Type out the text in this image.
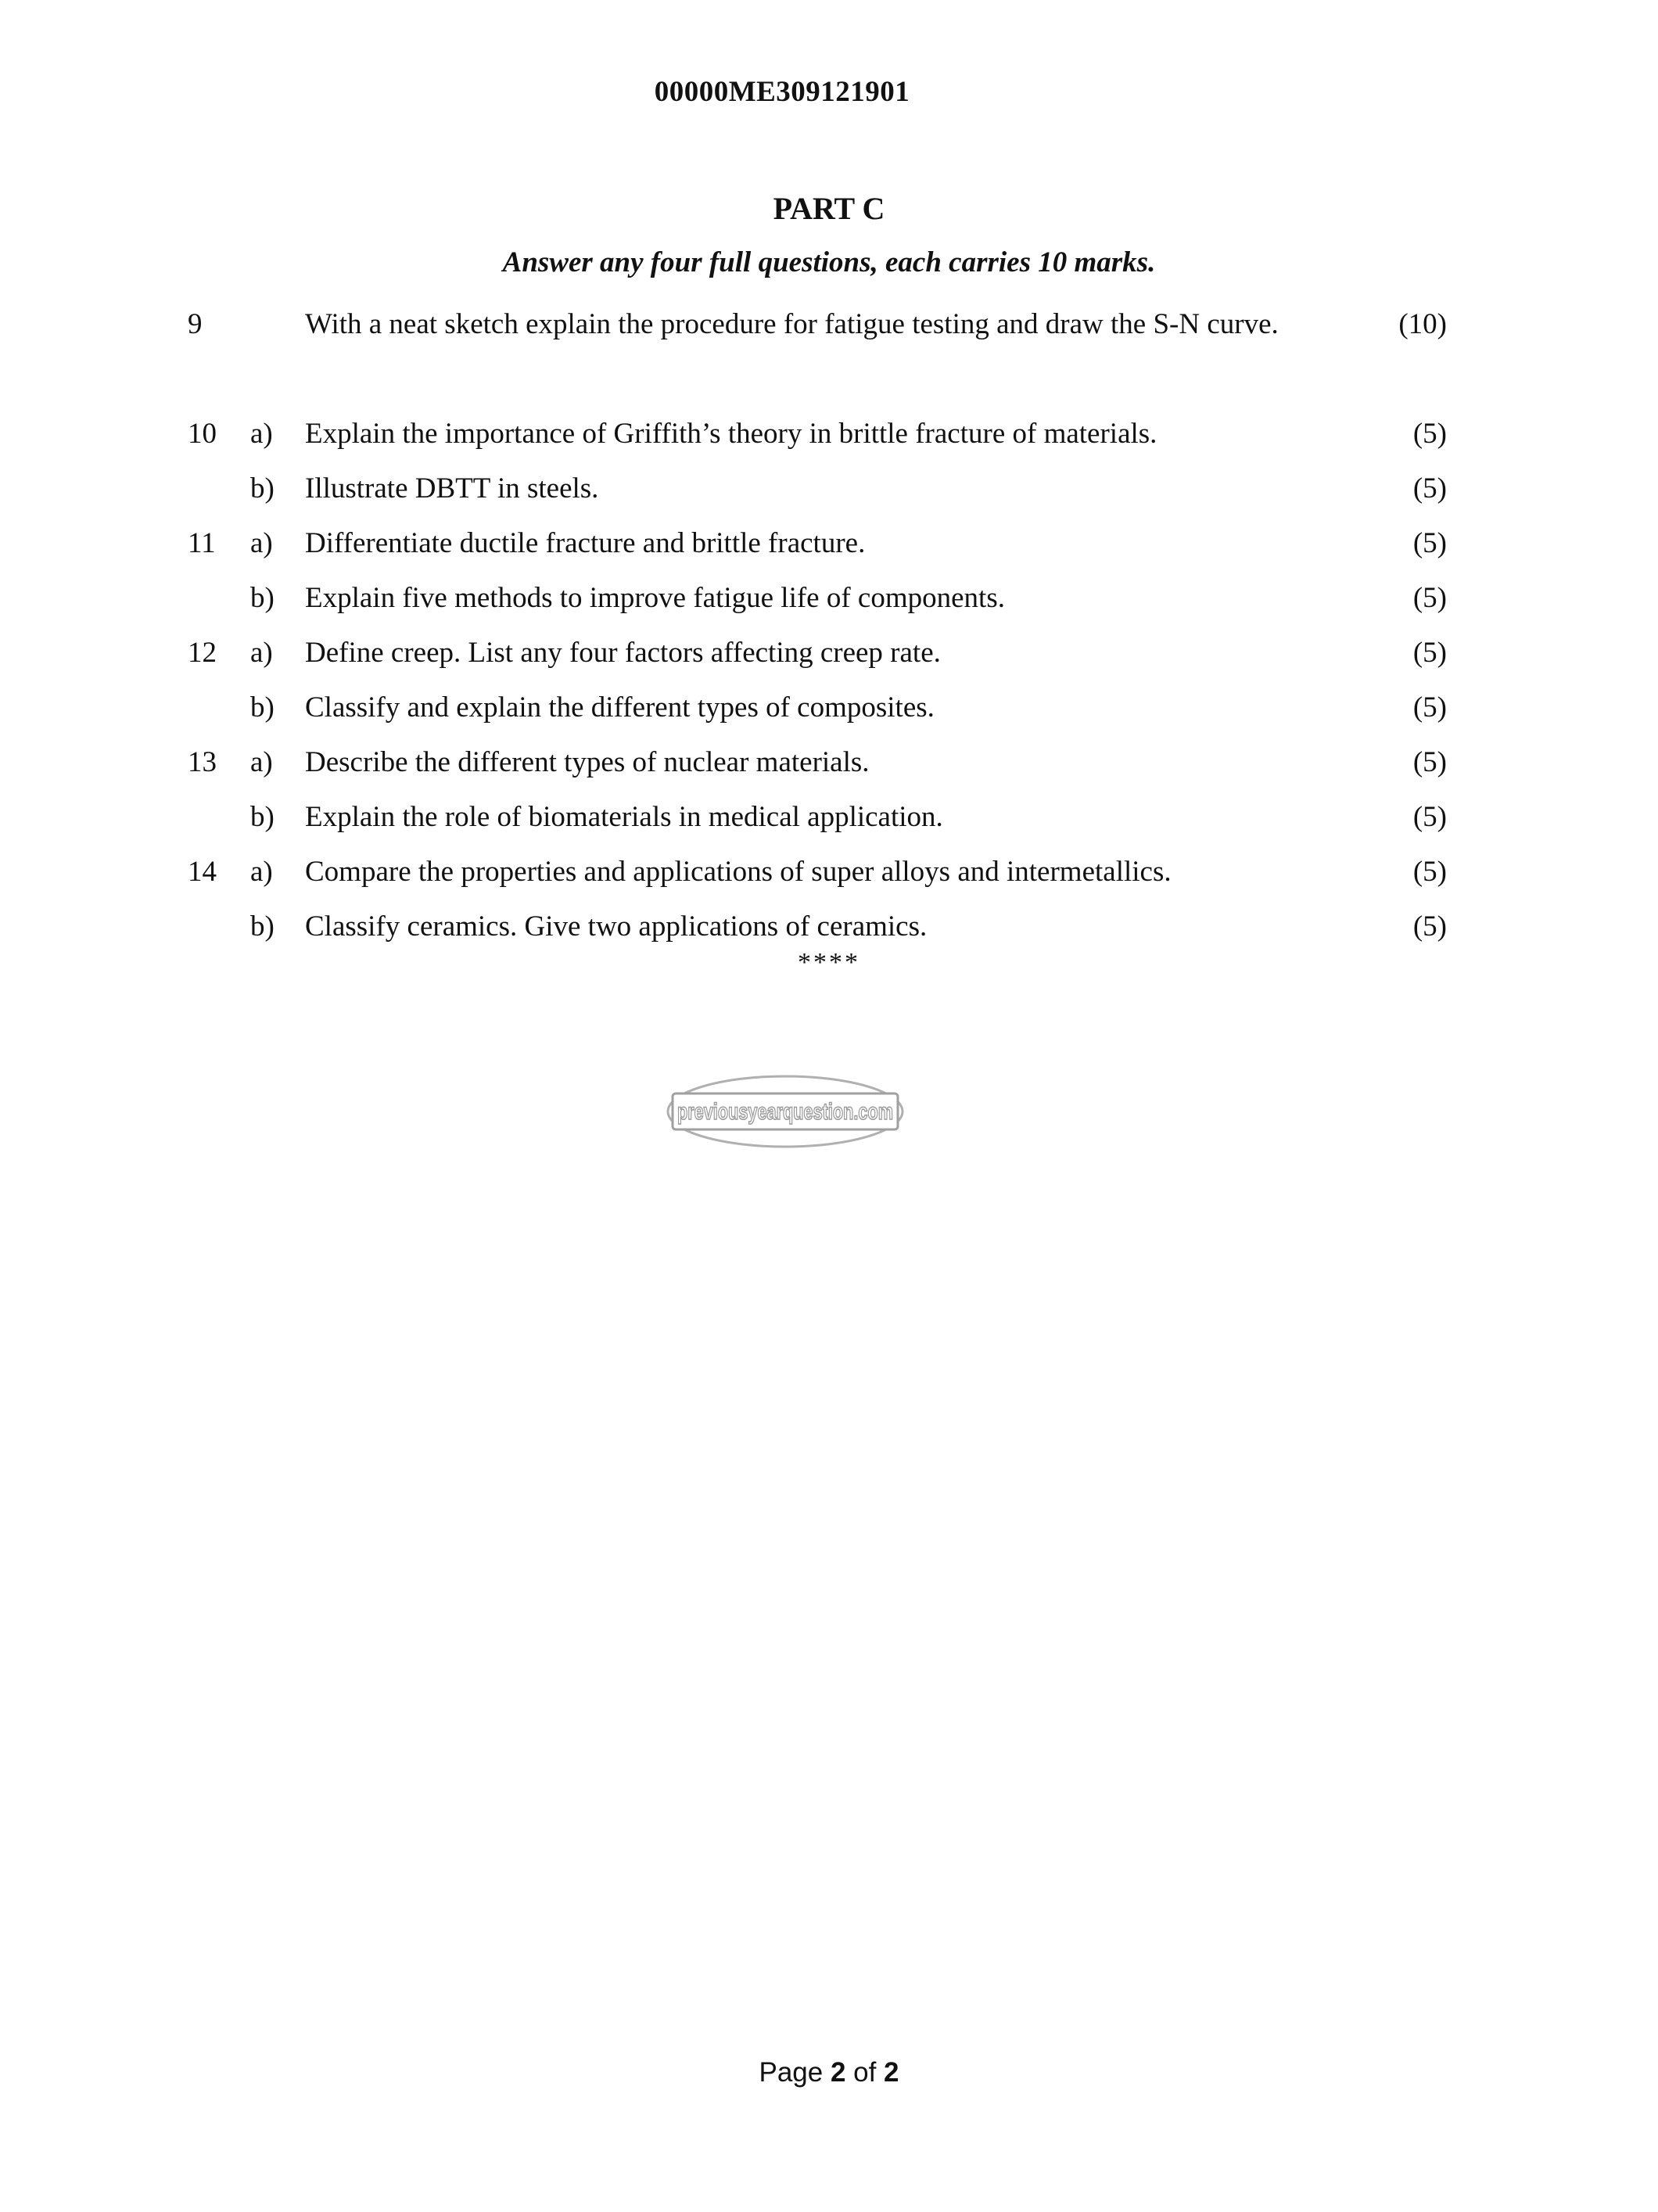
00000ME309121901
PART C
Answer any four full questions, each carries 10 marks.
9	With a neat sketch explain the procedure for fatigue testing and draw the S-N curve.	(10)
10 a) Explain the importance of Griffith’s theory in brittle fracture of materials.	(5)
b) Illustrate DBTT in steels.	(5)
11 a) Differentiate ductile fracture and brittle fracture.	(5)
b) Explain five methods to improve fatigue life of components.	(5)
12 a) Define creep. List any four factors affecting creep rate.	(5)
b) Classify and explain the different types of composites.	(5)
13 a) Describe the different types of nuclear materials.	(5)
b) Explain the role of biomaterials in medical application.	(5)
14 a) Compare the properties and applications of super alloys and intermetallics.	(5)
b) Classify ceramics. Give two applications of ceramics.	(5)
****
previousyearquestion.com
Page 2 of 2
